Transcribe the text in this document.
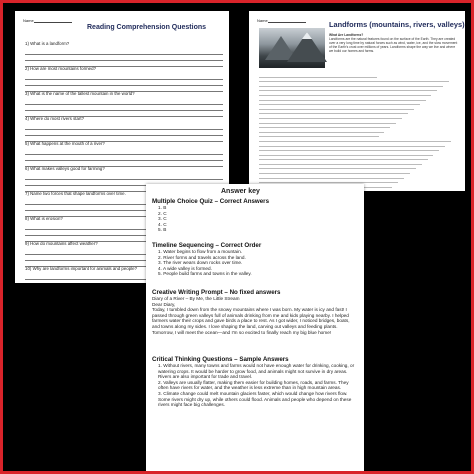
Name
Reading Comprehension Questions
1) What is a landform?
2) How are most mountains formed?
3) What is the name of the tallest mountain in the world?
4) Where do most rivers start?
5) What happens at the mouth of a river?
6) What makes valleys good for farming?
7) Name two forces that shape landforms over time.
8) What is erosion?
9) How do mountains affect weather?
10) Why are landforms important for animals and people?
Name	Landforms (mountains, rivers, valleys)
What Are Landforms?
Landforms are the natural features found on the surface of the Earth. They are created over a very long time by natural forces such as wind, water, ice, and the slow movement of the Earth's crust over millions of years. Landforms shape the way we live and where we build our homes and farms.
Answer key
Multiple Choice Quiz – Correct Answers
1. B
2. C
3. C
4. C
5. B
Timeline Sequencing – Correct Order
1. Water begins to flow from a mountain.
2. River forms and travels across the land.
3. The river wears down rocks over time.
4. A wide valley is formed.
5. People build farms and towns in the valley.
Creative Writing Prompt – No fixed answers
Diary of a River – By Me, the Little Stream
Dear Diary,
Today, I tumbled down from the snowy mountains where I was born. My water is icy and fast! I passed through green valleys full of animals drinking from me and kids playing nearby. I helped farmers water their crops and gave birds a place to rest. As I got wider, I noticed bridges, boats, and towns along my sides. I love shaping the land, carving out valleys and feeding plants. Tomorrow, I will meet the ocean—and I'm so excited to finally reach my big blue home!
Critical Thinking Questions – Sample Answers
1. Without rivers, many towns and farms would not have enough water for drinking, cooking, or watering crops. It would be harder to grow food, and animals might not survive in dry areas. Rivers are also important for trade and travel.
2. Valleys are usually flatter, making them easier for building homes, roads, and farms. They often have rivers for water, and the weather is less extreme than in high mountain areas.
3. Climate change could melt mountain glaciers faster, which would change how rivers flow. Some rivers might dry up, while others could flood. Animals and people who depend on these rivers might face big challenges.
